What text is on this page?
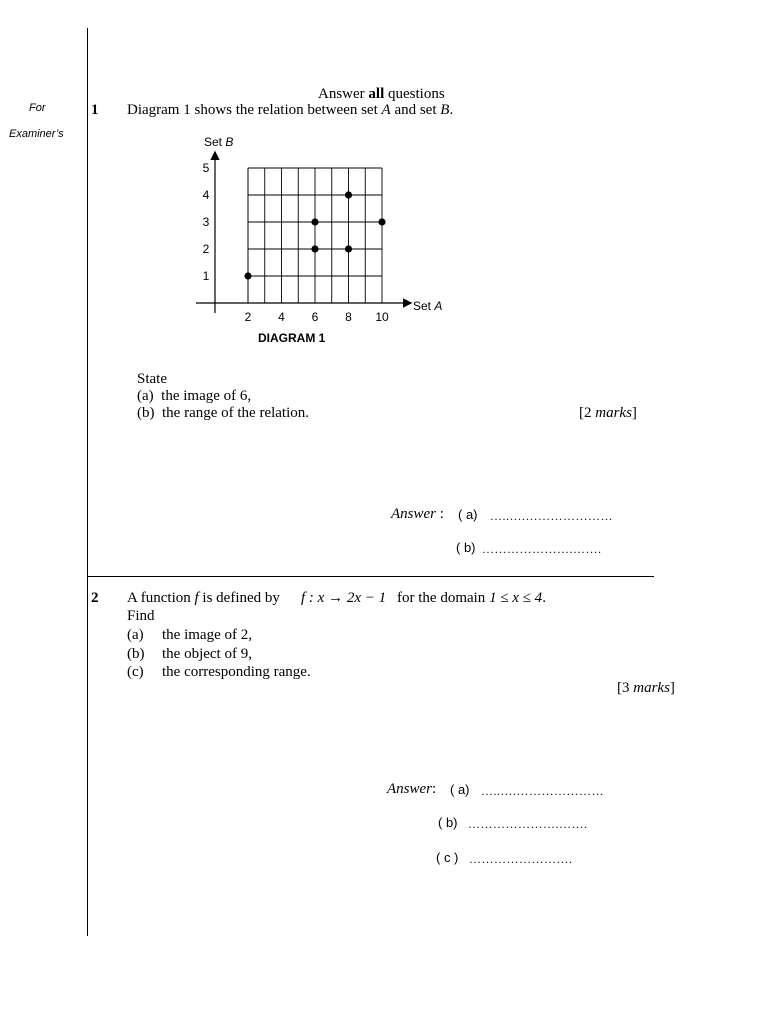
For
Examiner’s
Answer all questions
1 Diagram 1 shows the relation between set A and set B.
2 4 6 8 10
1
2
3
4
5
Set B
Set A
DIAGRAM 1
State
(a) the image of 6,
(b) the range of the relation.	[2 marks]
Answer : ( a) …..….…………………
( b) ………………….…….
2 A function f is defined by f : x → 2x − 1 for the domain 1 ≤ x ≤ 4.
Find
(a) the image of 2,
(b) the object of 9,
(c) the corresponding range.
[3 marks]
Answer: ( a) …..….…………………
( b) ………………….…….
( c ) …………………….
